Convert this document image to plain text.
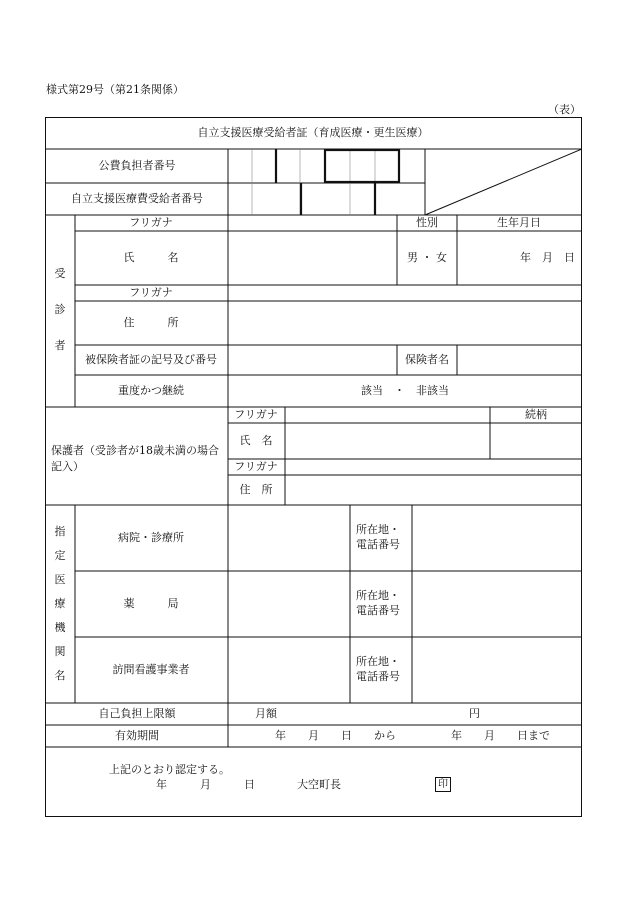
様式第29号（第21条関係）
（表）
自立支援医療受給者証（育成医療・更生医療）
公費負担者番号
自立支援医療費受給者番号
受
診
者
フリガナ	性別	生年月日
氏　　　名	男 ・ 女	年　月　日
フリガナ
住　　　所
被保険者証の記号及び番号	保険者名
重度かつ継続	該当　・　非該当
保護者（受診者が18歳未満の場合記入）
フリガナ	続柄
氏　名
フリガナ
住　所
指
定
医
療
機
関
名
病院・診療所
所在地・
電話番号
薬　　　局
所在地・
電話番号
訪問看護事業者
所在地・
電話番号
自己負担上限額	月額	円
有効期間	年　　月　　日　　から　　　　　年　　月　　日まで
上記のとおり認定する。
年　　　月　　　日	大空町長	印
